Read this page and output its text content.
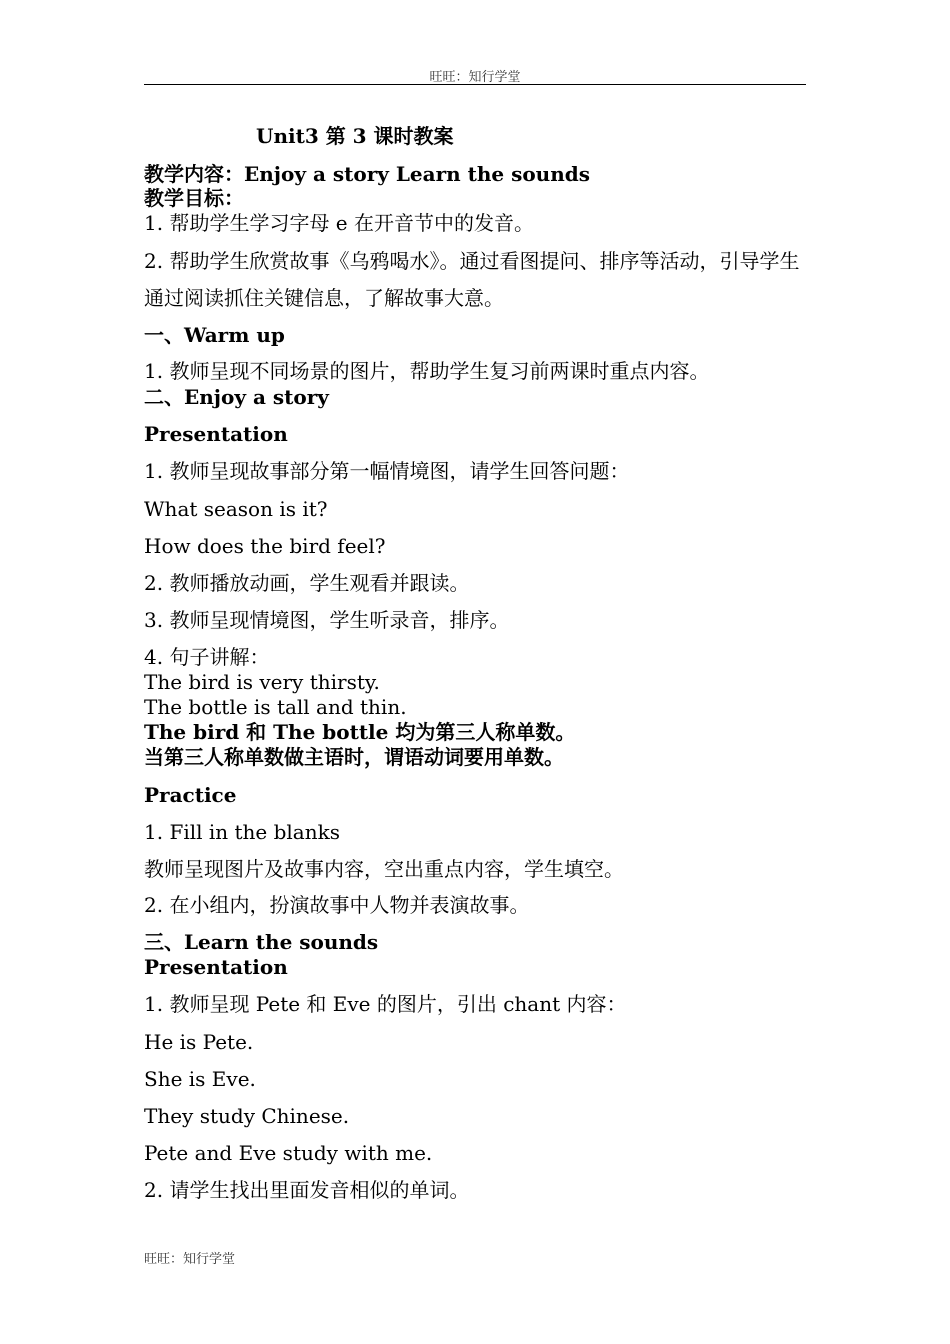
旺旺：知行学堂
Unit3 第 3 课时教案
教学内容：Enjoy a story Learn the sounds
教学目标：
1. 帮助学生学习字母 e 在开音节中的发音。
2. 帮助学生欣赏故事《乌鸦喝水》。通过看图提问、排序等活动，引导学生通过阅读抓住关键信息，了解故事大意。
一、Warm up
1. 教师呈现不同场景的图片，帮助学生复习前两课时重点内容。
二、Enjoy a story
Presentation
1. 教师呈现故事部分第一幅情境图，请学生回答问题：
What season is it?
How does the bird feel?
2. 教师播放动画，学生观看并跟读。
3. 教师呈现情境图，学生听录音，排序。
4. 句子讲解：
The bird is very thirsty.
The bottle is tall and thin.
The bird 和 The bottle 均为第三人称单数。
当第三人称单数做主语时，谓语动词要用单数。
Practice
1. Fill in the blanks
教师呈现图片及故事内容，空出重点内容，学生填空。
2. 在小组内，扮演故事中人物并表演故事。
三、Learn the sounds
Presentation
1. 教师呈现 Pete 和 Eve 的图片，引出 chant 内容：
He is Pete.
She is Eve.
They study Chinese.
Pete and Eve study with me.
2. 请学生找出里面发音相似的单词。
旺旺：知行学堂
